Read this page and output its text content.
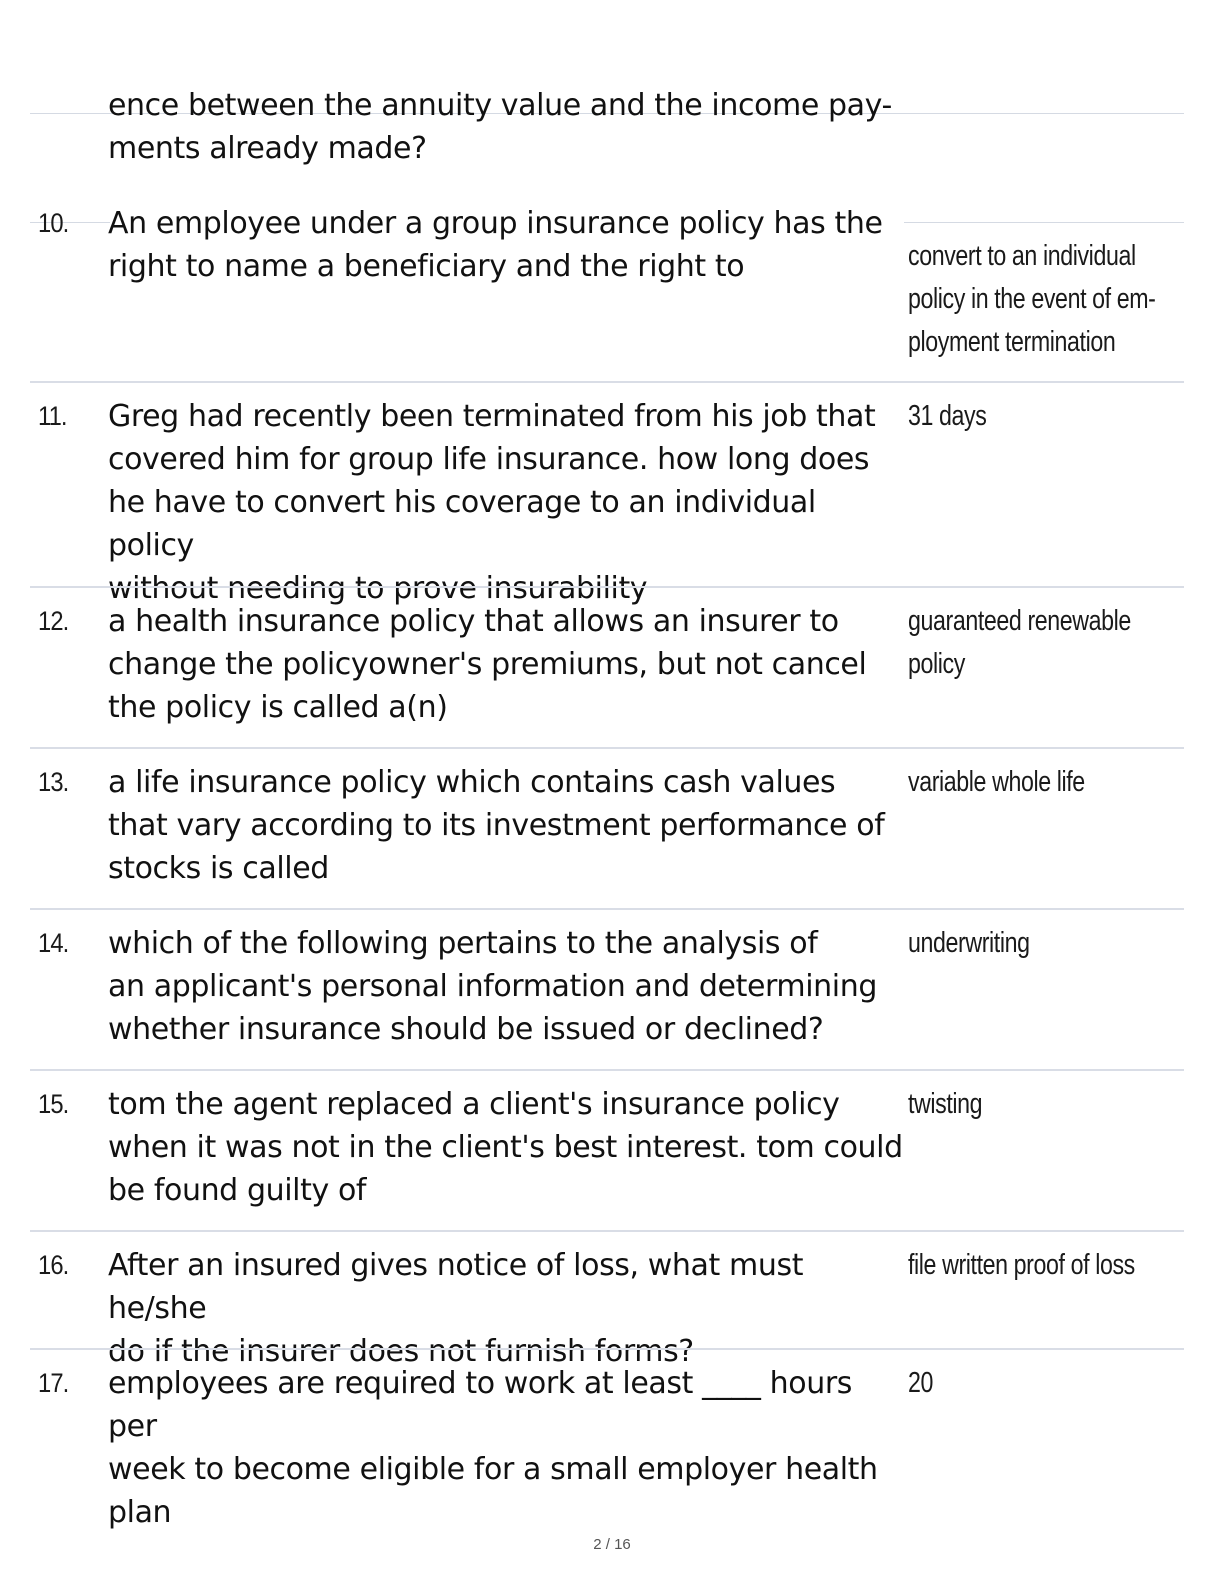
ence between the annuity value and the income pay-
ments already made?
10. An employee under a group insurance policy has the
right to name a beneficiary and the right to	convert to an individual
policy in the event of em-
ployment termination
11. Greg had recently been terminated from his job that
covered him for group life insurance. how long does
he have to convert his coverage to an individual policy
without needing to prove insurability
31 days
12. a health insurance policy that allows an insurer to
change the policyowner's premiums, but not cancel
the policy is called a(n)
guaranteed renewable
policy
13. a life insurance policy which contains cash values
that vary according to its investment performance of
stocks is called
variable whole life
14. which of the following pertains to the analysis of
an applicant's personal information and determining
whether insurance should be issued or declined?
underwriting
15. tom the agent replaced a client's insurance policy
when it was not in the client's best interest. tom could
be found guilty of
twisting
16. After an insured gives notice of loss, what must he/she
do if the insurer does not furnish forms?
file written proof of loss
17. employees are required to work at least ____ hours per
week to become eligible for a small employer health
plan
20
2 / 16
